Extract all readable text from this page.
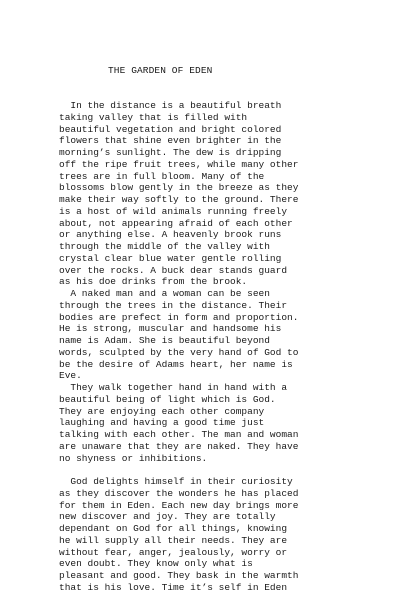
THE GARDEN OF EDEN
In the distance is a beautiful breath
taking valley that is filled with
beautiful vegetation and bright colored
flowers that shine even brighter in the
morning’s sunlight. The dew is dripping
off the ripe fruit trees, while many other
trees are in full bloom. Many of the
blossoms blow gently in the breeze as they
make their way softly to the ground. There
is a host of wild animals running freely
about, not appearing afraid of each other
or anything else. A heavenly brook runs
through the middle of the valley with
crystal clear blue water gentle rolling
over the rocks. A buck dear stands guard
as his doe drinks from the brook.
A naked man and a woman can be seen
through the trees in the distance. Their
bodies are prefect in form and proportion.
He is strong, muscular and handsome his
name is Adam. She is beautiful beyond
words, sculpted by the very hand of God to
be the desire of Adams heart, her name is
Eve.
They walk together hand in hand with a
beautiful being of light which is God.
They are enjoying each other company
laughing and having a good time just
talking with each other. The man and woman
are unaware that they are naked. They have
no shyness or inhibitions.
God delights himself in their curiosity
as they discover the wonders he has placed
for them in Eden. Each new day brings more
new discover and joy. They are totally
dependant on God for all things, knowing
he will supply all their needs. They are
without fear, anger, jealously, worry or
even doubt. They know only what is
pleasant and good. They bask in the warmth
that is his love. Time it’s self in Eden
